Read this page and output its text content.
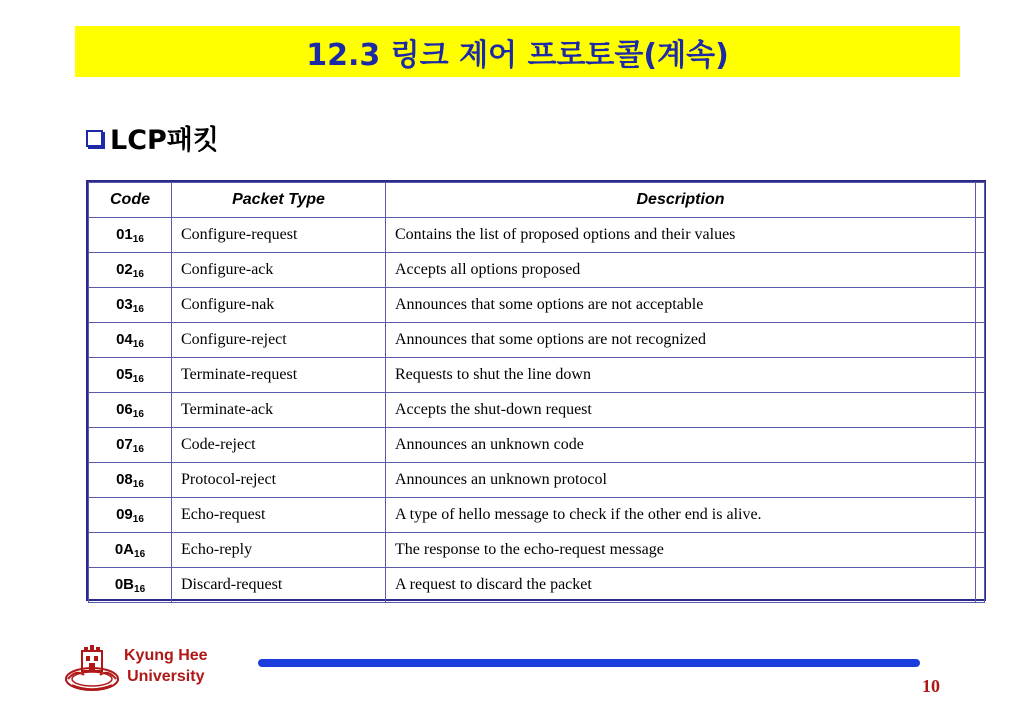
12.3 링크 제어 프로토콜(계속)
LCP패킷
Code	Packet Type	Description	
$01_{16}$	Configure-request	Contains the list of proposed options and their values	
$02_{16}$	Configure-ack	Accepts all options proposed	
$03_{16}$	Configure-nak	Announces that some options are not acceptable	
$04_{16}$	Configure-reject	Announces that some options are not recognized	
$05_{16}$	Terminate-request	Requests to shut the line down	
$06_{16}$	Terminate-ack	Accepts the shut-down request	
$07_{16}$	Code-reject	Announces an unknown code	
$08_{16}$	Protocol-reject	Announces an unknown protocol	
$09_{16}$	Echo-request	A type of hello message to check if the other end is alive.	
$0A_{16}$	Echo-reply	The response to the echo-request message	
$0B_{16}$	Discard-request	A request to discard the packet	
Kyung Hee
University	10
